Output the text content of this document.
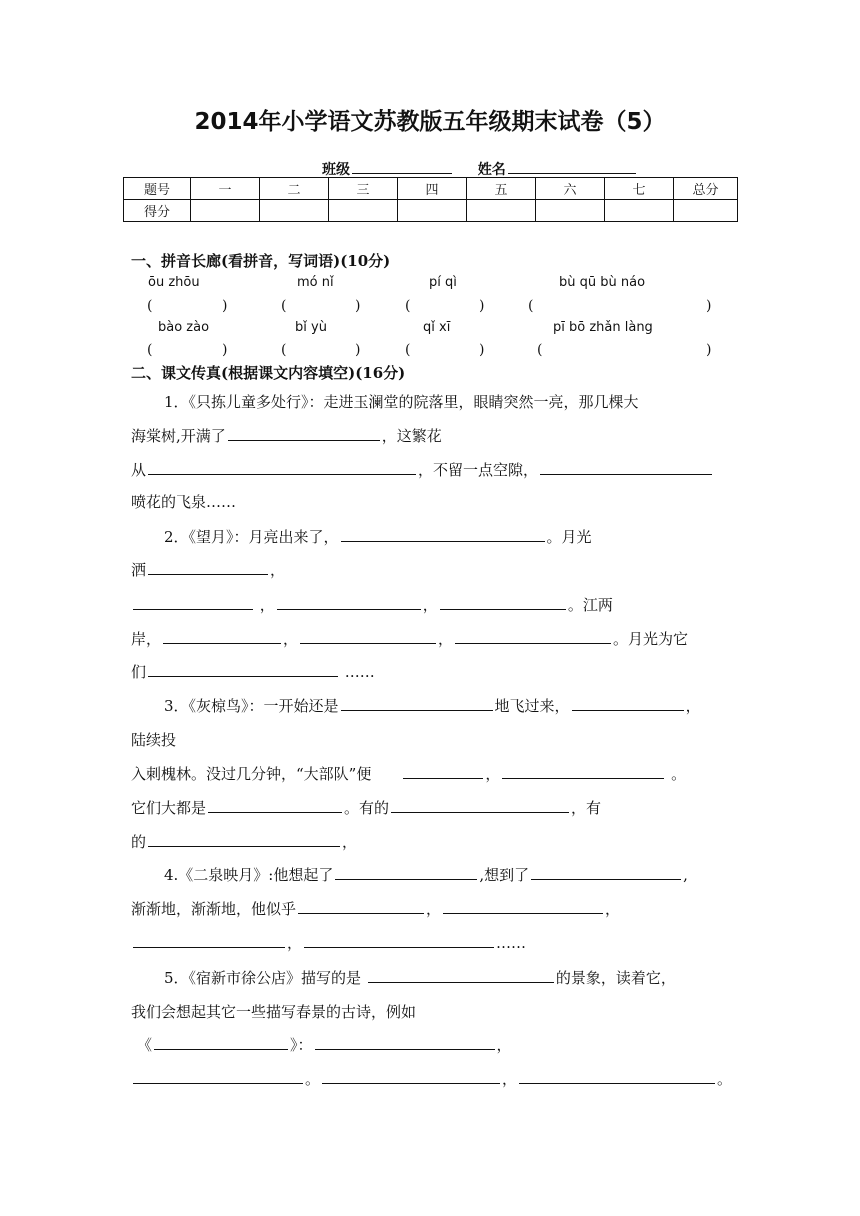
2014年小学语文苏教版五年级期末试卷（5）
班级	姓名
题号	一	二	三	四	五	六	七	总分
得分								
一、拼音长廊(看拼音，写词语)(10分)
ōu zhōu	mó nǐ	pí qì	bù qū bù náo
(	)	(	)	(	)	(	)
bào zào	bǐ yù	qǐ xī	pī bō zhǎn làng
(	)	(	)	(	)	(	)
二、课文传真(根据课文内容填空)(16分)
1．《只拣儿童多处行》：走进玉澜堂的院落里，眼睛突然一亮，那几棵大
海棠树,开满了	，这繁花
从	，不留一点空隙，
喷花的飞泉……
2．《望月》：月亮出来了，	。月光
洒	，
，	，	。江两
岸，	，	，	。月光为它
们	……
3．《灰椋鸟》：一开始还是	地飞过来，	，
陆续投
入刺槐林。没过几分钟，“大部队”便	，	。
它们大都是	。有的	，有
的	，
4.《二泉映月》:他想起了	,想到了	,
渐渐地，渐渐地，他似乎	，	，
，	……
5．《宿新市徐公店》描写的是	的景象，读着它，
我们会想起其它一些描写春景的古诗，例如
《	》：	，
。	，	。
